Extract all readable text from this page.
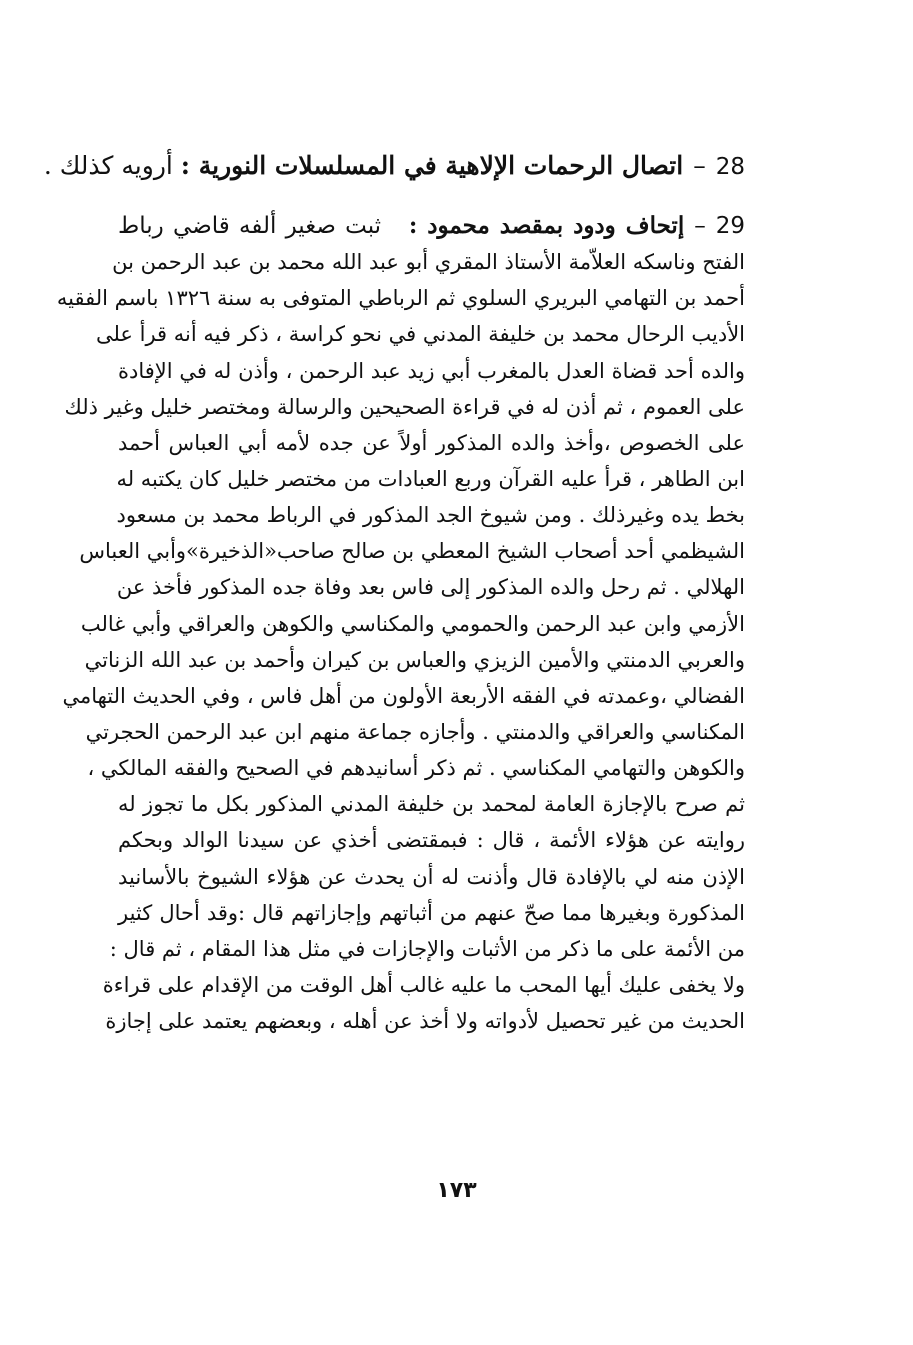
28–اتصال الرحمات الإلاهية في المسلسلات النورية : أرويه كذلك .
29–إتحاف ودود بمقصد محمود :   ثبت صغير ألفه قاضي رباط
الفتح وناسكه العلاّمة الأستاذ المقري أبو عبد الله محمد بن عبد الرحمن بن
أحمد بن التهامي البريري السلوي ثم الرباطي المتوفى به سنة ١٣٢٦ باسم الفقيه
الأديب الرحال محمد بن خليفة المدني في نحو كراسة ، ذكر فيه أنه قرأ على
والده أحد قضاة العدل بالمغرب أبي زيد عبد الرحمن ، وأذن له في الإفادة
على العموم ، ثم أذن له في قراءة الصحيحين والرسالة ومختصر خليل وغير ذلك
على الخصوص ،وأخذ والده المذكور أولاً عن جده لأمه أبي العباس أحمد
ابن الطاهر ، قرأ عليه القرآن وربع العبادات من مختصر خليل كان يكتبه له
بخط يده وغيرذلك . ومن شيوخ الجد المذكور في الرباط محمد بن مسعود
الشيظمي أحد أصحاب الشيخ المعطي بن صالح صاحب«الذخيرة»وأبي العباس
الهلالي . ثم رحل والده المذكور إلى فاس بعد وفاة جده المذكور فأخذ عن
الأزمي وابن عبد الرحمن والحمومي والمكناسي والكوهن والعراقي وأبي غالب
والعربي الدمنتي والأمين الزيزي والعباس بن كيران وأحمد بن عبد الله الزناتي
الفضالي ،وعمدته في الفقه الأربعة الأولون من أهل فاس ، وفي الحديث التهامي
المكناسي والعراقي والدمنتي . وأجازه جماعة منهم ابن عبد الرحمن الحجرتي
والكوهن والتهامي المكناسي . ثم ذكر أسانيدهم في الصحيح والفقه المالكي ،
ثم صرح بالإجازة العامة لمحمد بن خليفة المدني المذكور بكل ما تجوز له
روايته عن هؤلاء الأئمة ، قال : فبمقتضى أخذي عن سيدنا الوالد وبحكم
الإذن منه لي بالإفادة قال وأذنت له أن يحدث عن هؤلاء الشيوخ بالأسانيد
المذكورة وبغيرها مما صحّ عنهم من أثباتهم وإجازاتهم قال :وقد أحال كثير
من الأئمة على ما ذكر من الأثبات والإجازات في مثل هذا المقام ، ثم قال :
ولا يخفى عليك أيها المحب ما عليه غالب أهل الوقت من الإقدام على قراءة
الحديث من غير تحصيل لأدواته ولا أخذ عن أهله ، وبعضهم يعتمد على إجازة
١٧٣
